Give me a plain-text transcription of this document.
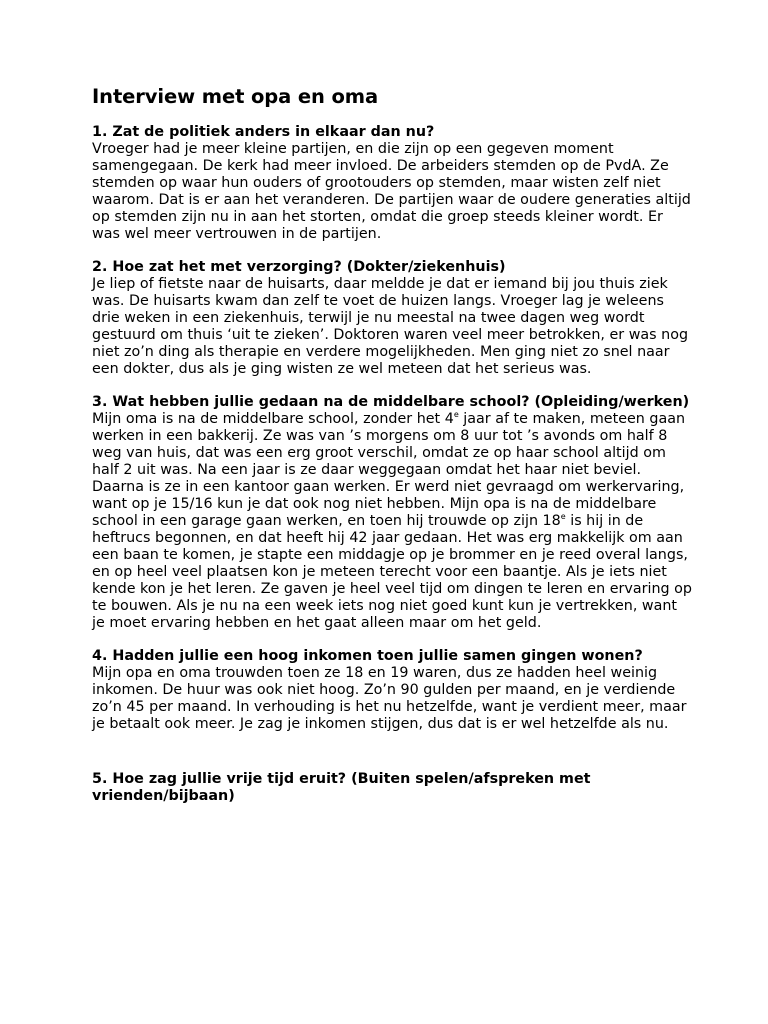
Interview met opa en oma

1. Zat de politiek anders in elkaar dan nu?

Vroeger had je meer kleine partijen, en die zijn op een gegeven moment samengegaan. De kerk had meer invloed. De arbeiders stemden op de PvdA. Ze stemden op waar hun ouders of grootouders op stemden, maar wisten zelf niet waarom. Dat is er aan het veranderen. De partijen waar de oudere generaties altijd op stemden zijn nu in aan het storten, omdat die groep steeds kleiner wordt. Er was wel meer vertrouwen in de partijen.

2. Hoe zat het met verzorging? (Dokter/ziekenhuis)

Je liep of fietste naar de huisarts, daar meldde je dat er iemand bij jou thuis ziek was. De huisarts kwam dan zelf te voet de huizen langs. Vroeger lag je weleens drie weken in een ziekenhuis, terwijl je nu meestal na twee dagen weg wordt gestuurd om thuis ‘uit te zieken’. Doktoren waren veel meer betrokken, er was nog niet zo’n ding als therapie en verdere mogelijkheden. Men ging niet zo snel naar een dokter, dus als je ging wisten ze wel meteen dat het serieus was.

3. Wat hebben jullie gedaan na de middelbare school? (Opleiding/werken)

Mijn oma is na de middelbare school, zonder het 4e jaar af te maken, meteen gaan werken in een bakkerij. Ze was van ’s morgens om 8 uur tot ’s avonds om half 8 weg van huis, dat was een erg groot verschil, omdat ze op haar school altijd om half 2 uit was. Na een jaar is ze daar weggegaan omdat het haar niet beviel. Daarna is ze in een kantoor gaan werken. Er werd niet gevraagd om werkervaring, want op je 15/16 kun je dat ook nog niet hebben. Mijn opa is na de middelbare school in een garage gaan werken, en toen hij trouwde op zijn 18e is hij in de heftrucs begonnen, en dat heeft hij 42 jaar gedaan. Het was erg makkelijk om aan een baan te komen, je stapte een middagje op je brommer en je reed overal langs, en op heel veel plaatsen kon je meteen terecht voor een baantje. Als je iets niet kende kon je het leren. Ze gaven je heel veel tijd om dingen te leren en ervaring op te bouwen. Als je nu na een week iets nog niet goed kunt kun je vertrekken, want je moet ervaring hebben en het gaat alleen maar om het geld.

4. Hadden jullie een hoog inkomen toen jullie samen gingen wonen?

Mijn opa en oma trouwden toen ze 18 en 19 waren, dus ze hadden heel weinig inkomen. De huur was ook niet hoog. Zo’n 90 gulden per maand, en je verdiende zo’n 45 per maand. In verhouding is het nu hetzelfde, want je verdient meer, maar je betaalt ook meer. Je zag je inkomen stijgen, dus dat is er wel hetzelfde als nu.

5. Hoe zag jullie vrije tijd eruit? (Buiten spelen/afspreken met vrienden/bijbaan)
